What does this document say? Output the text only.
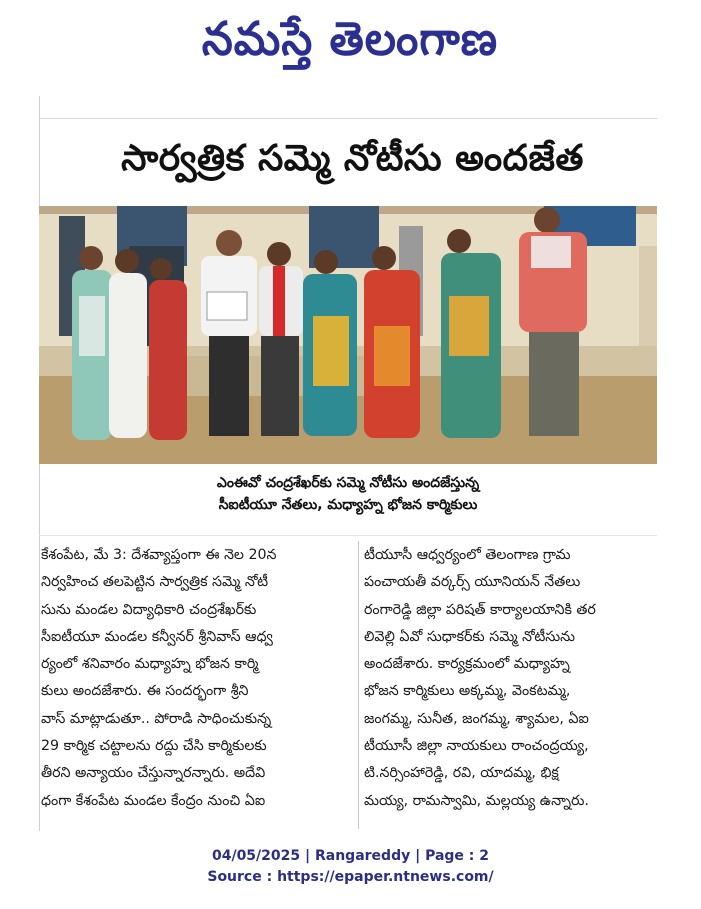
నమస్తే తెలంగాణ
సార్వత్రిక సమ్మె నోటీసు అందజేత
ఎంఈవో చంద్రశేఖర్‌కు సమ్మె నోటీసు అందజేస్తున్న
సీఐటీయూ నేతలు, మధ్యాహ్న భోజన కార్మికులు
కేశంపేట, మే 3: దేశవ్యాప్తంగా ఈ నెల 20న
నిర్వహించ తలపెట్టిన సార్వత్రిక సమ్మె నోటీ
సును మండల విద్యాధికారి చంద్రశేఖర్‌కు
సీఐటీయూ మండల కన్వీనర్ శ్రీనివాస్ ఆధ్వ
ర్యంలో శనివారం మధ్యాహ్న భోజన కార్మి
కులు అందజేశారు. ఈ సందర్భంగా శ్రీని
వాస్ మాట్లాడుతూ.. పోరాడి సాధించుకున్న
29 కార్మిక చట్టాలను రద్దు చేసి కార్మికులకు
తీరని అన్యాయం చేస్తున్నారన్నారు. అదేవి
ధంగా కేశంపేట మండల కేంద్రం నుంచి ఏఐ
టీయూసీ ఆధ్వర్యంలో తెలంగాణ గ్రామ
పంచాయతీ వర్కర్స్ యూనియన్ నేతలు
రంగారెడ్డి జిల్లా పరిషత్ కార్యాలయానికి తర
లివెల్లి ఏవో సుధాకర్‌కు సమ్మె నోటీసును
అందజేశారు. కార్యక్రమంలో మధ్యాహ్న
భోజన కార్మికులు అక్కమ్మ, వెంకటమ్మ,
జంగమ్మ, సునీత, జంగమ్మ, శ్యామల, ఏఐ
టీయూసీ జిల్లా నాయకులు రాంచంద్రయ్య,
టి.నర్సింహారెడ్డి, రవి, యాదమ్మ, భిక్ష
మయ్య, రామస్వామి, మల్లయ్య ఉన్నారు.
04/05/2025 | Rangareddy | Page : 2
Source : https://epaper.ntnews.com/
